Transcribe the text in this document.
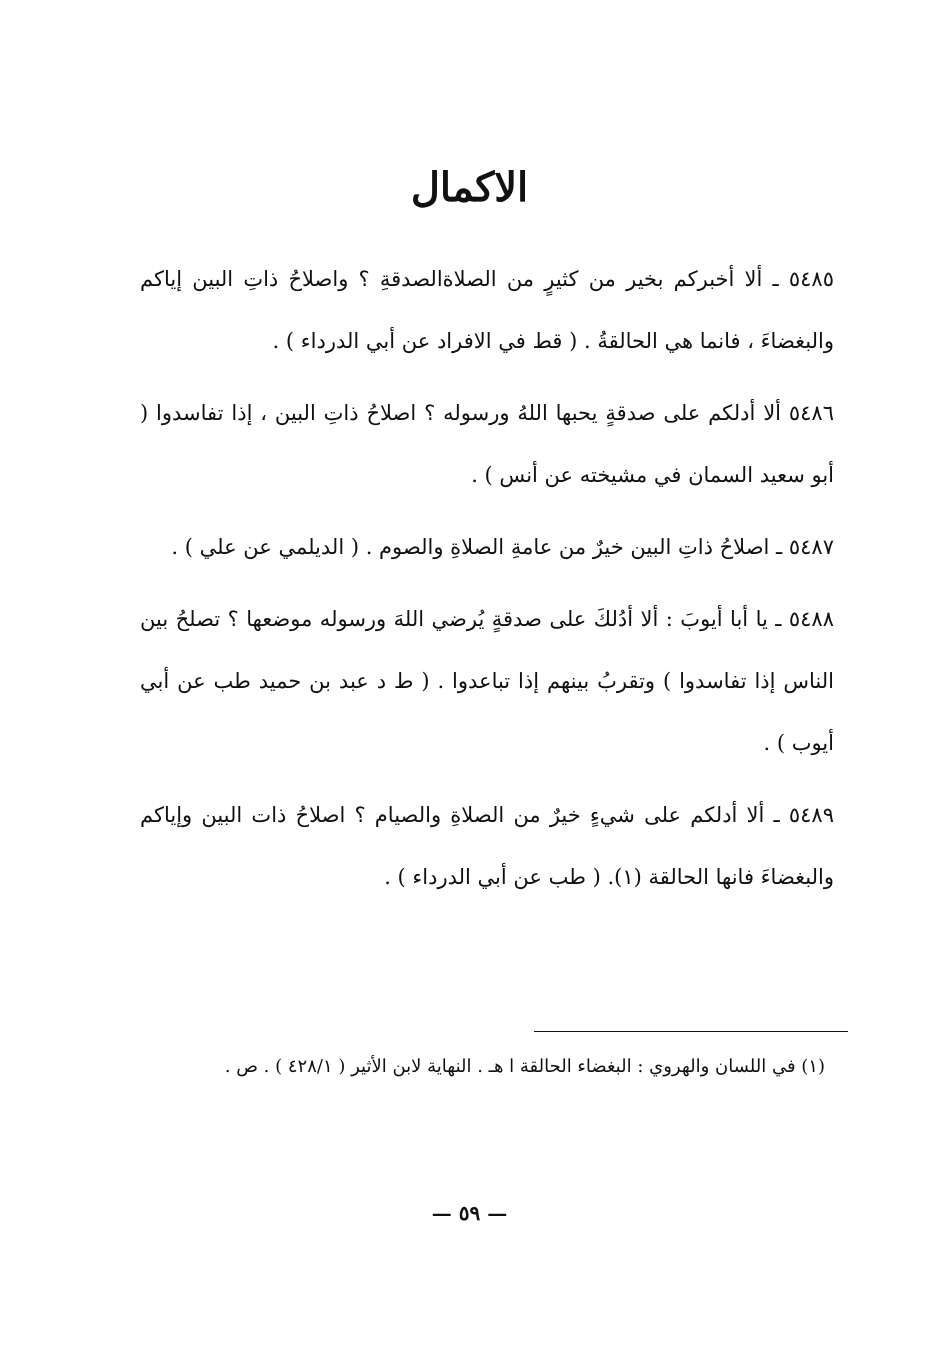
الاكمال

٥٤٨٥ ـ ألا أخبركم بخير من كثيرٍ من الصلاةالصدقةِ ؟ واصلاحُ ذاتِ البين إياكم والبغضاءَ ، فانما هي الحالقةُ . ( قط في الافراد عن أبي الدرداء ) .

٥٤٨٦ ألا أدلكم على صدقةٍ يحبها اللهُ ورسوله ؟ اصلاحُ ذاتِ البين ، إذا تفاسدوا ( أبو سعيد السمان في مشيخته عن أنس ) .

٥٤٨٧ ـ اصلاحُ ذاتِ البين خيرٌ من عامةِ الصلاةِ والصوم . ( الديلمي عن علي ) .

٥٤٨٨ ـ يا أبا أيوبَ : ألا أدُلكَ على صدقةٍ يُرضي اللهَ ورسوله موضعها ؟ تصلحُ بين الناس إذا تفاسدوا ) وتقربُ بينهم إذا تباعدوا . ( ط د عبد بن حميد طب عن أبي أيوب ) .

٥٤٨٩ ـ ألا أدلكم على شيءٍ خيرٌ من الصلاةِ والصيام ؟ اصلاحُ ذات البين وإياكم والبغضاءَ فانها الحالقة (١). ( طب عن أبي الدرداء ) .

(١) في اللسان والهروي : البغضاء الحالقة ا هـ . النهاية لابن الأثير ( ٤٢٨/١ ) . ص .

— ٥٩ —
